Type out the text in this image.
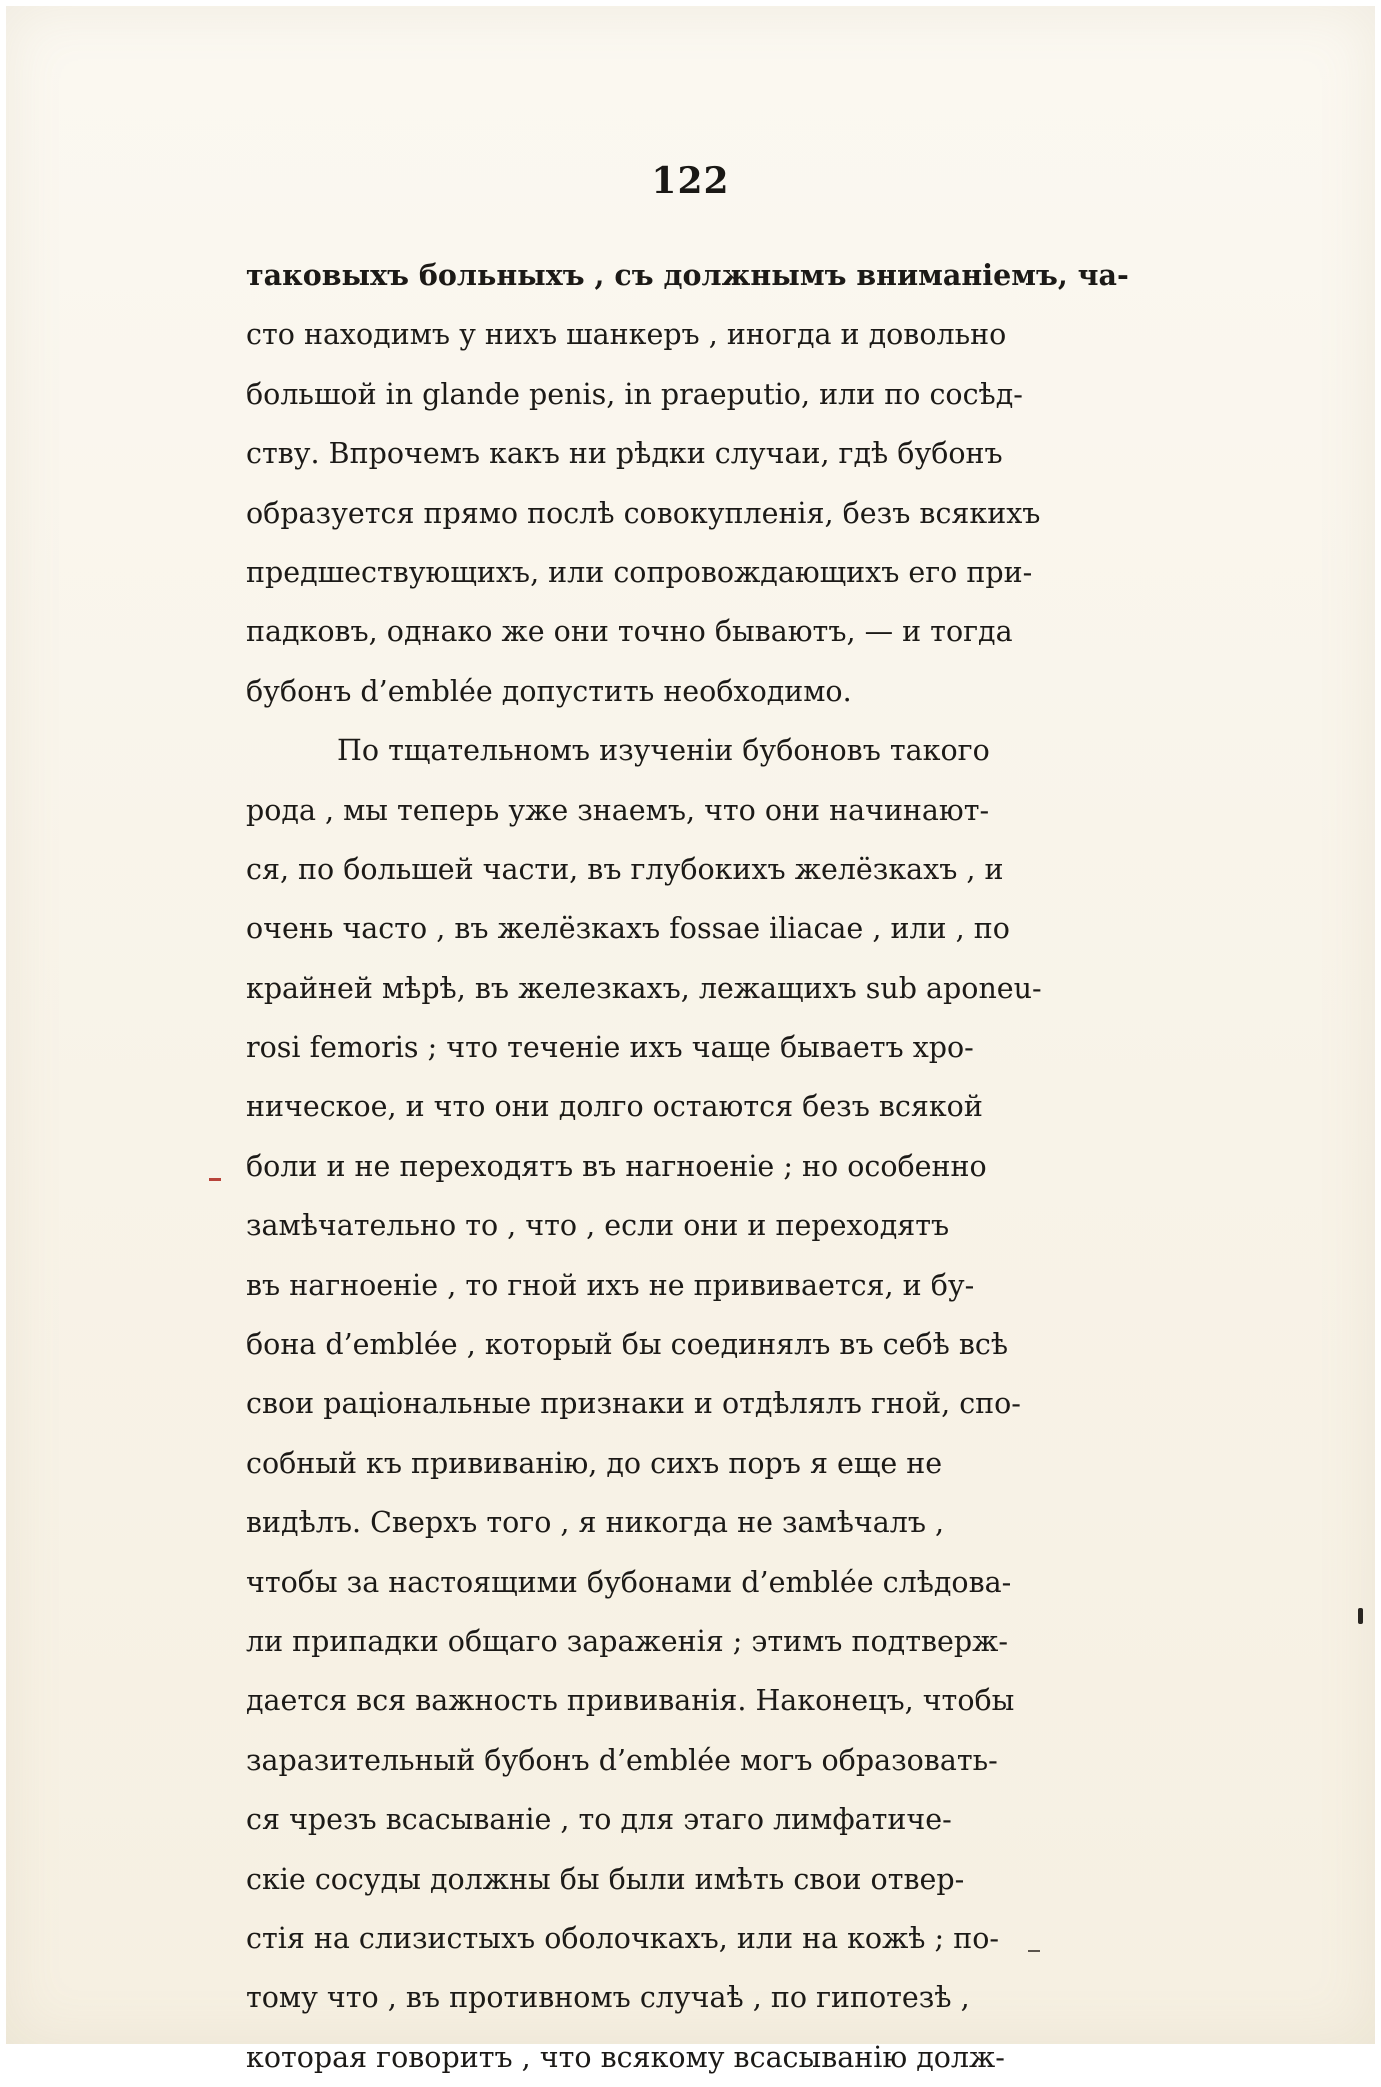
122
таковыхъ больныхъ , съ должнымъ вниманіемъ, ча-
сто находимъ у нихъ шанкеръ , иногда и довольно
большой in glande penis, in praeputio, или по сосѣд-
ству. Впрочемъ какъ ни рѣдки случаи, гдѣ бубонъ
образуется прямо послѣ совокупленія, безъ всякихъ
предшествующихъ, или сопровождающихъ его при-
падковъ, однако же они точно бываютъ, — и тогда
бубонъ d’emblée допустить необходимо.
По тщательномъ изученіи бубоновъ такого
рода , мы теперь уже знаемъ, что они начинают-
ся, по большей части, въ глубокихъ желёзкахъ , и
очень часто , въ желёзкахъ fossae iliacae , или , по
крайней мѣрѣ, въ железкахъ, лежащихъ sub aponeu-
rosi femoris ; что теченіе ихъ чаще бываетъ хро-
ническое, и что они долго остаются безъ всякой
боли и не переходятъ въ нагноеніе ; но особенно
замѣчательно то , что , если они и переходятъ
въ нагноеніе , то гной ихъ не прививается, и бу-
бона d’emblée , который бы соединялъ въ себѣ всѣ
свои раціональные признаки и отдѣлялъ гной, спо-
собный къ прививанію, до сихъ поръ я еще не
видѣлъ. Сверхъ того , я никогда не замѣчалъ ,
чтобы за настоящими бубонами d’emblée слѣдова-
ли припадки общаго зараженія ; этимъ подтверж-
дается вся важность прививанія. Наконецъ, чтобы
заразительный бубонъ d’emblée могъ образовать-
ся чрезъ всасываніе , то для этаго лимфатиче-
скіе сосуды должны бы были имѣть свои отвер-
стія на слизистыхъ оболочкахъ, или на кожѣ ; по-
тому что , въ противномъ случаѣ , по гипотезѣ ,
которая говоритъ , что всякому всасыванію долж-
